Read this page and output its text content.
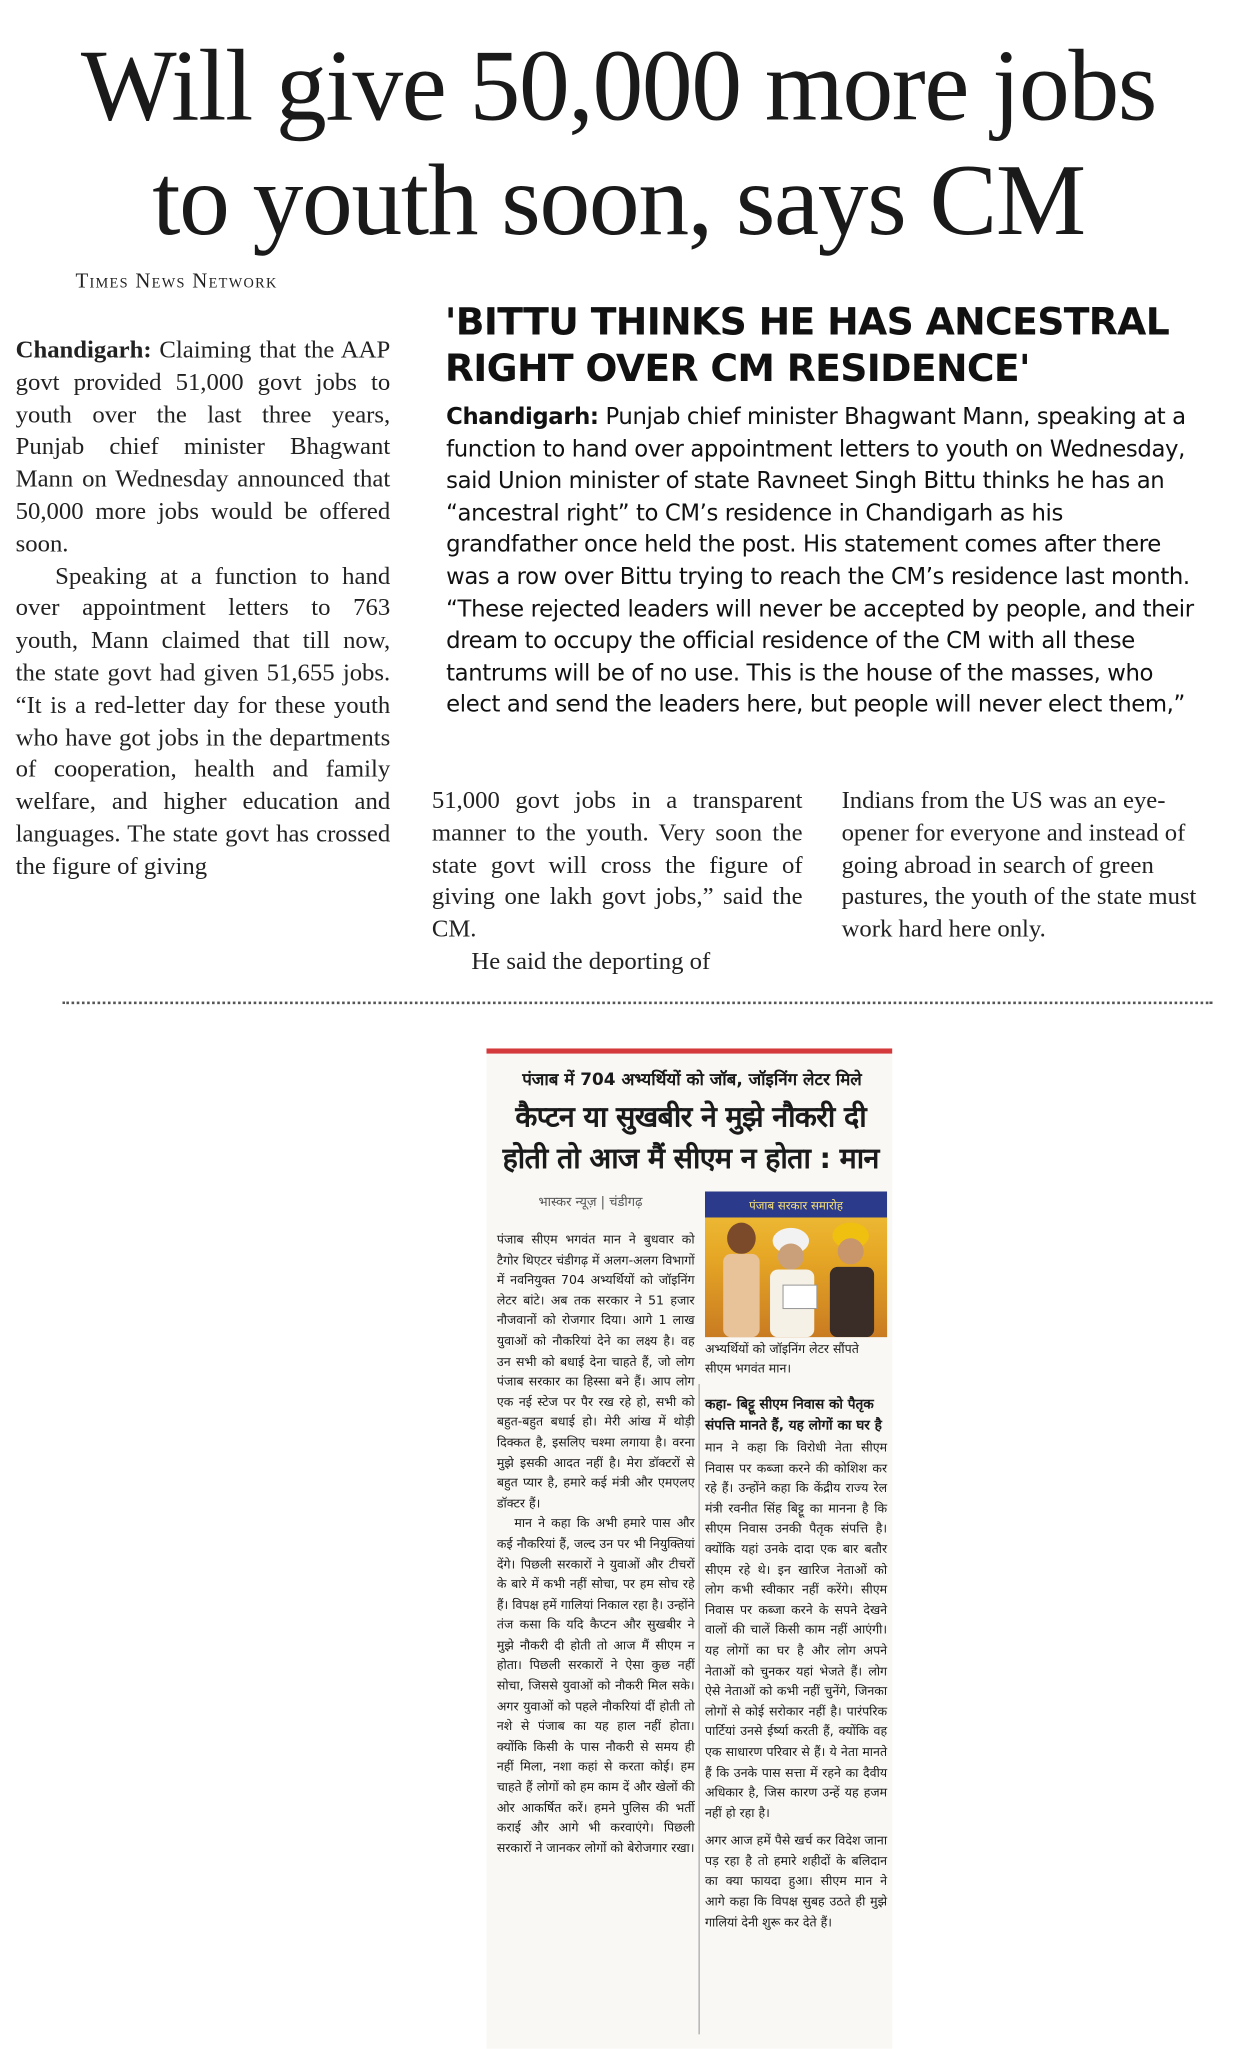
Will give 50,000 more jobs
to youth soon, says CM
Times News Network

Chandigarh: Claiming that the AAP govt provided 51,000 govt jobs to youth over the last three years, Punjab chief minister Bhagwant Mann on Wednesday announced that 50,000 more jobs would be offered soon.

Speaking at a function to hand over appointment letters to 763 youth, Mann claimed that till now, the state govt had given 51,655 jobs. “It is a red-letter day for these youth who have got jobs in the departments of cooperation, health and family welfare, and higher education and languages. The state govt has crossed the figure of giving

'BITTU THINKS HE HAS ANCESTRAL RIGHT OVER CM RESIDENCE'
Chandigarh: Punjab chief minister Bhagwant Mann, speaking at a function to hand over appointment letters to youth on Wednesday, said Union minister of state Ravneet Singh Bittu thinks he has an “ancestral right” to CM’s residence in Chandigarh as his grandfather once held the post. His statement comes after there was a row over Bittu trying to reach the CM’s residence last month. “These rejected leaders will never be accepted by people, and their dream to occupy the official residence of the CM with all these tantrums will be of no use. This is the house of the masses, who elect and send the leaders here, but people will never elect them,”

51,000 govt jobs in a transparent manner to the youth. Very soon the state govt will cross the figure of giving one lakh govt jobs,” said the CM.

He said the deporting of

Indians from the US was an eye-opener for everyone and instead of going abroad in search of green pastures, the youth of the state must work hard here only.

पंजाब में 704 अभ्यर्थियों को जॉब, जॉइनिंग लेटर मिले
कैप्टन या सुखबीर ने मुझे नौकरी दी
होती तो आज मैं सीएम न होता : मान
भास्कर न्यूज़ | चंडीगढ़

पंजाब सीएम भगवंत मान ने बुधवार को टैगोर थिएटर चंडीगढ़ में अलग-अलग विभागों में नवनियुक्त 704 अभ्यर्थियों को जॉइनिंग लेटर बांटे। अब तक सरकार ने 51 हजार नौजवानों को रोजगार दिया। आगे 1 लाख युवाओं को नौकरियां देने का लक्ष्य है। वह उन सभी को बधाई देना चाहते हैं, जो लोग पंजाब सरकार का हिस्सा बने हैं। आप लोग एक नई स्टेज पर पैर रख रहे हो, सभी को बहुत-बहुत बधाई हो। मेरी आंख में थोड़ी दिक्कत है, इसलिए चश्मा लगाया है। वरना मुझे इसकी आदत नहीं है। मेरा डॉक्टरों से बहुत प्यार है, हमारे कई मंत्री और एमएलए डॉक्टर हैं।

मान ने कहा कि अभी हमारे पास और कई नौकरियां हैं, जल्द उन पर भी नियुक्तियां देंगे। पिछली सरकारों ने युवाओं और टीचरों के बारे में कभी नहीं सोचा, पर हम सोच रहे हैं। विपक्ष हमें गालियां निकाल रहा है। उन्होंने तंज कसा कि यदि कैप्टन और सुखबीर ने मुझे नौकरी दी होती तो आज मैं सीएम न होता। पिछली सरकारों ने ऐसा कुछ नहीं सोचा, जिससे युवाओं को नौकरी मिल सके। अगर युवाओं को पहले नौकरियां दीं होती तो नशे से पंजाब का यह हाल नहीं होता। क्योंकि किसी के पास नौकरी से समय ही नहीं मिला, नशा कहां से करता कोई। हम चाहते हैं लोगों को हम काम दें और खेलों की ओर आकर्षित करें। हमने पुलिस की भर्ती कराई और आगे भी करवाएंगे। पिछली सरकारों ने जानकर लोगों को बेरोजगार रखा।

पंजाब सरकार समारोह
अभ्यर्थियों को जॉइनिंग लेटर सौंपते सीएम भगवंत मान।
कहा- बिट्टू सीएम निवास को पैतृक संपत्ति मानते हैं, यह लोगों का घर है

मान ने कहा कि विरोधी नेता सीएम निवास पर कब्जा करने की कोशिश कर रहे हैं। उन्होंने कहा कि केंद्रीय राज्य रेल मंत्री रवनीत सिंह बिट्टू का मानना है कि सीएम निवास उनकी पैतृक संपत्ति है। क्योंकि यहां उनके दादा एक बार बतौर सीएम रहे थे। इन खारिज नेताओं को लोग कभी स्वीकार नहीं करेंगे। सीएम निवास पर कब्जा करने के सपने देखने वालों की चालें किसी काम नहीं आएंगी। यह लोगों का घर है और लोग अपने नेताओं को चुनकर यहां भेजते हैं। लोग ऐसे नेताओं को कभी नहीं चुनेंगे, जिनका लोगों से कोई सरोकार नहीं है। पारंपरिक पार्टियां उनसे ईर्ष्या करती हैं, क्योंकि वह एक साधारण परिवार से हैं। ये नेता मानते हैं कि उनके पास सत्ता में रहने का दैवीय अधिकार है, जिस कारण उन्हें यह हजम नहीं हो रहा है।

अगर आज हमें पैसे खर्च कर विदेश जाना पड़ रहा है तो हमारे शहीदों के बलिदान का क्या फायदा हुआ। सीएम मान ने आगे कहा कि विपक्ष सुबह उठते ही मुझे गालियां देनी शुरू कर देते हैं।
